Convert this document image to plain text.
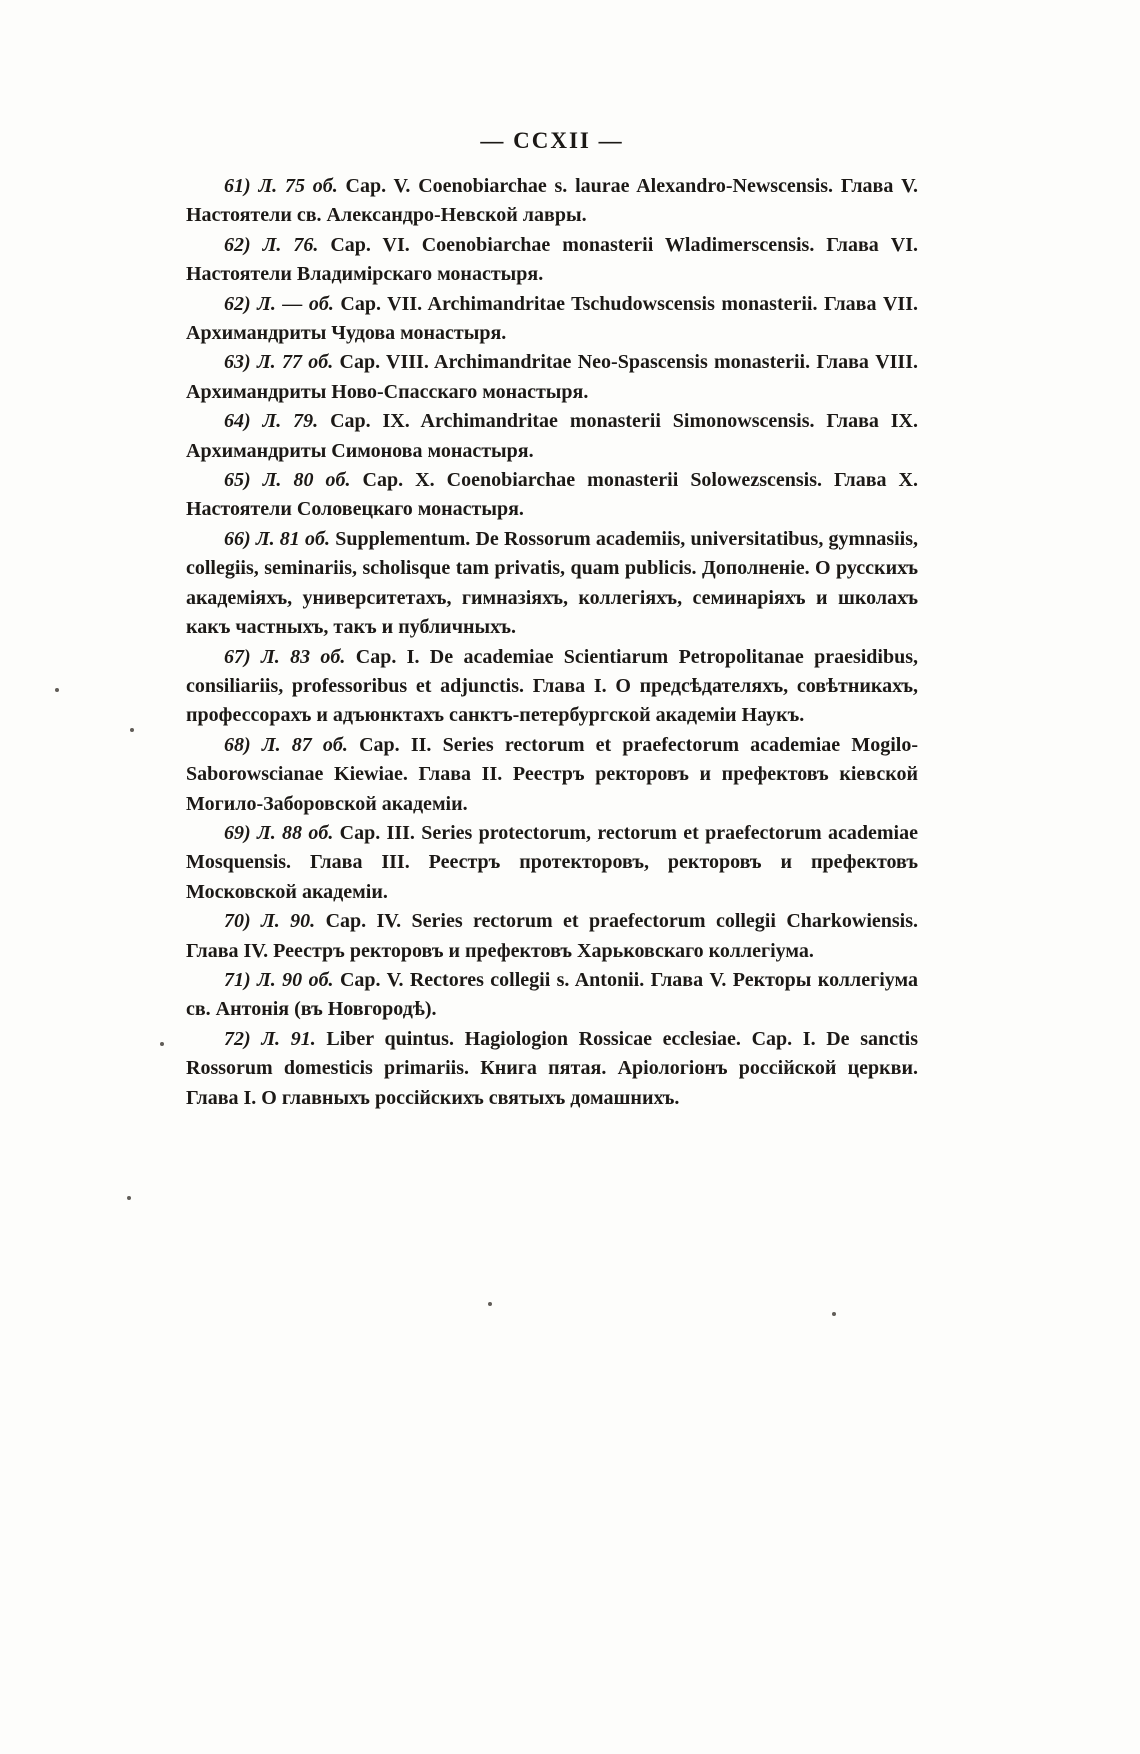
— CCXII —

61) Л. 75 об. Cap. V. Coenobiarchae s. laurae Alexandro-Newscensis. Глава V. Настоятели св. Александро-Невской лавры.

62) Л. 76. Cap. VI. Coenobiarchae monasterii Wladimerscensis. Глава VI. Настоятели Владимірскаго монастыря.

62) Л. — об. Cap. VII. Archimandritae Tschudowscensis monasterii. Глава VII. Архимандриты Чудова монастыря.

63) Л. 77 об. Cap. VIII. Archimandritae Neo-Spascensis monasterii. Глава VIII. Архимандриты Ново-Спасскаго монастыря.

64) Л. 79. Cap. IX. Archimandritae monasterii Simonowscensis. Глава IX. Архимандриты Симонова монастыря.

65) Л. 80 об. Cap. X. Coenobiarchae monasterii Solowezscensis. Глава X. Настоятели Соловецкаго монастыря.

66) Л. 81 об. Supplementum. De Rossorum academiis, universitatibus, gymnasiis, collegiis, seminariis, scholisque tam privatis, quam publicis. Дополненіе. О русскихъ академіяхъ, университетахъ, гимназіяхъ, коллегіяхъ, семинаріяхъ и школахъ какъ частныхъ, такъ и публичныхъ.

67) Л. 83 об. Cap. I. De academiae Scientiarum Petropolitanae praesidibus, consiliariis, professoribus et adjunctis. Глава I. О предсѣдателяхъ, совѣтникахъ, профессорахъ и адъюнктахъ санктъ-петербургской академіи Наукъ.

68) Л. 87 об. Cap. II. Series rectorum et praefectorum academiae Mogilo-Saborowscianae Kiewiae. Глава II. Реестръ ректоровъ и префектовъ кіевской Могило-Заборовской академіи.

69) Л. 88 об. Cap. III. Series protectorum, rectorum et praefectorum academiae Mosquensis. Глава III. Реестръ протекторовъ, ректоровъ и префектовъ Московской академіи.

70) Л. 90. Cap. IV. Series rectorum et praefectorum collegii Charkowiensis. Глава IV. Реестръ ректоровъ и префектовъ Харьковскаго коллегіума.

71) Л. 90 об. Cap. V. Rectores collegii s. Antonii. Глава V. Ректоры коллегіума св. Антонія (въ Новгородѣ).

72) Л. 91. Liber quintus. Hagiologion Rossicae ecclesiae. Cap. I. De sanctis Rossorum domesticis primariis. Книга пятая. Аріологіонъ россійской церкви. Глава I. О главныхъ россійскихъ святыхъ домашнихъ.
